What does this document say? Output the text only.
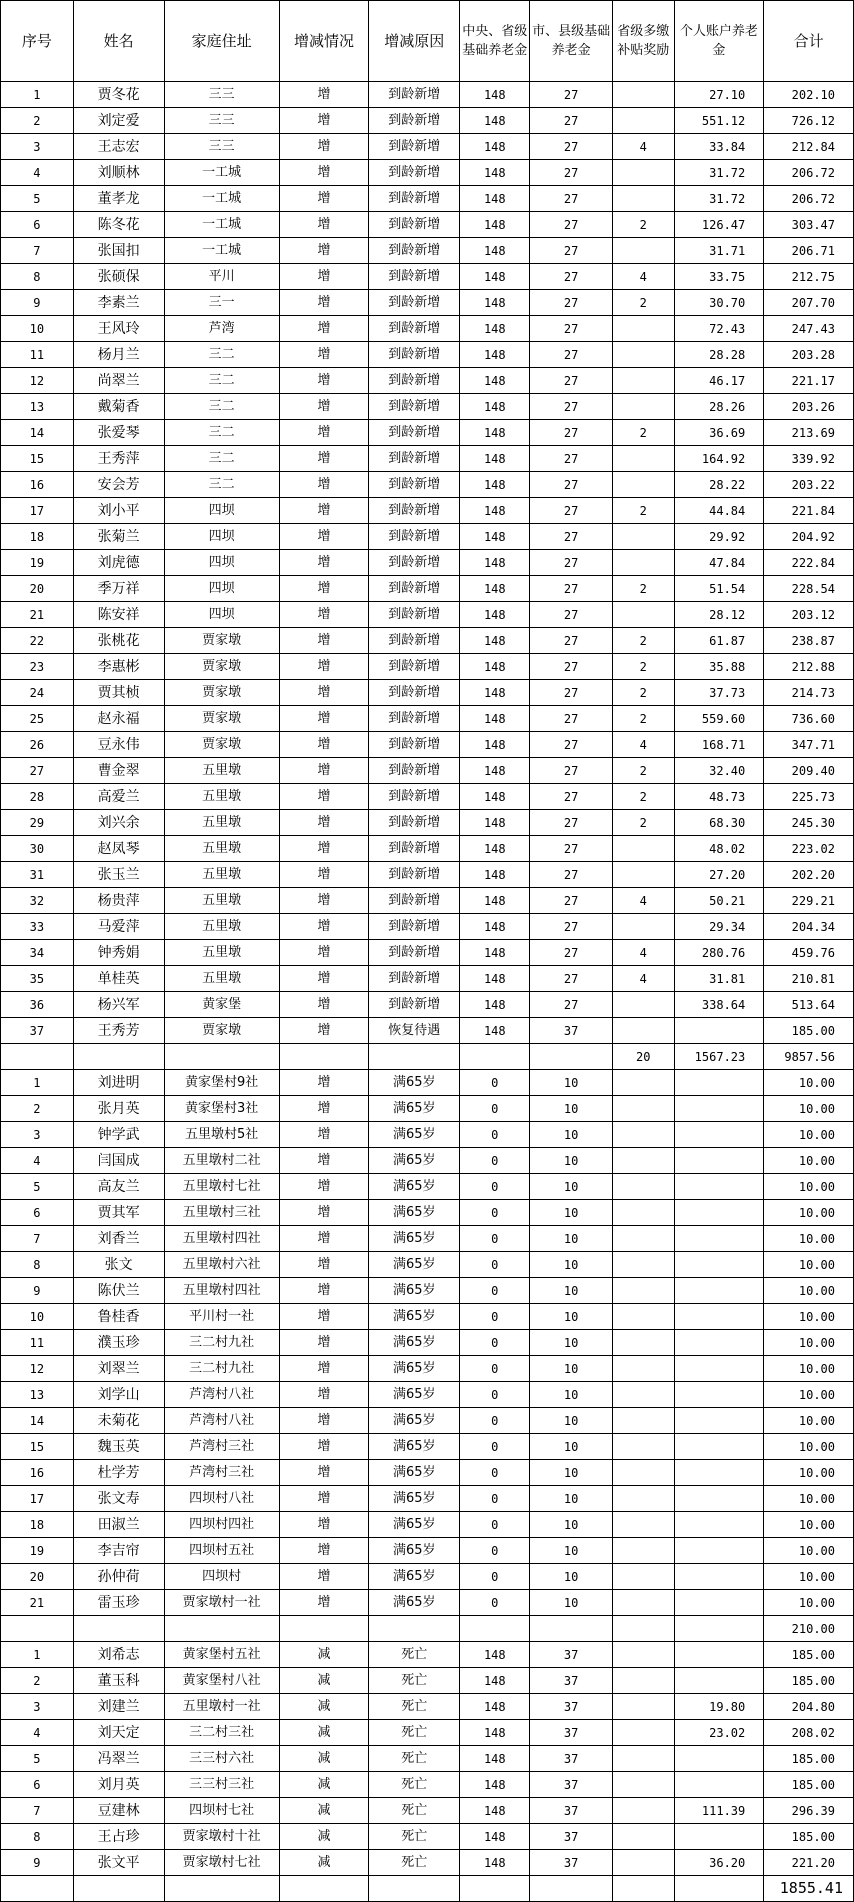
序号	姓名	家庭住址	增减情况	增减原因	中央、省级基础养老金	市、县级基础养老金	省级多缴补贴奖励	个人账户养老金	合计
1	贾冬花	三三	增	到龄新增	148	27		27.10	202.10
2	刘定爱	三三	增	到龄新增	148	27		551.12	726.12
3	王志宏	三三	增	到龄新增	148	27	4	33.84	212.84
4	刘顺林	一工城	增	到龄新增	148	27		31.72	206.72
5	董孝龙	一工城	增	到龄新增	148	27		31.72	206.72
6	陈冬花	一工城	增	到龄新增	148	27	2	126.47	303.47
7	张国扣	一工城	增	到龄新增	148	27		31.71	206.71
8	张硕保	平川	增	到龄新增	148	27	4	33.75	212.75
9	李素兰	三一	增	到龄新增	148	27	2	30.70	207.70
10	王风玲	芦湾	增	到龄新增	148	27		72.43	247.43
11	杨月兰	三二	增	到龄新增	148	27		28.28	203.28
12	尚翠兰	三二	增	到龄新增	148	27		46.17	221.17
13	戴菊香	三二	增	到龄新增	148	27		28.26	203.26
14	张爱琴	三二	增	到龄新增	148	27	2	36.69	213.69
15	王秀萍	三二	增	到龄新增	148	27		164.92	339.92
16	安会芳	三二	增	到龄新增	148	27		28.22	203.22
17	刘小平	四坝	增	到龄新增	148	27	2	44.84	221.84
18	张菊兰	四坝	增	到龄新增	148	27		29.92	204.92
19	刘虎德	四坝	增	到龄新增	148	27		47.84	222.84
20	季万祥	四坝	增	到龄新增	148	27	2	51.54	228.54
21	陈安祥	四坝	增	到龄新增	148	27		28.12	203.12
22	张桃花	贾家墩	增	到龄新增	148	27	2	61.87	238.87
23	李惠彬	贾家墩	增	到龄新增	148	27	2	35.88	212.88
24	贾其桢	贾家墩	增	到龄新增	148	27	2	37.73	214.73
25	赵永福	贾家墩	增	到龄新增	148	27	2	559.60	736.60
26	豆永伟	贾家墩	增	到龄新增	148	27	4	168.71	347.71
27	曹金翠	五里墩	增	到龄新增	148	27	2	32.40	209.40
28	高爱兰	五里墩	增	到龄新增	148	27	2	48.73	225.73
29	刘兴余	五里墩	增	到龄新增	148	27	2	68.30	245.30
30	赵凤琴	五里墩	增	到龄新增	148	27		48.02	223.02
31	张玉兰	五里墩	增	到龄新增	148	27		27.20	202.20
32	杨贵萍	五里墩	增	到龄新增	148	27	4	50.21	229.21
33	马爱萍	五里墩	增	到龄新增	148	27		29.34	204.34
34	钟秀娟	五里墩	增	到龄新增	148	27	4	280.76	459.76
35	单桂英	五里墩	增	到龄新增	148	27	4	31.81	210.81
36	杨兴军	黄家堡	增	到龄新增	148	27		338.64	513.64
37	王秀芳	贾家墩	增	恢复待遇	148	37			185.00
							20	1567.23	9857.56
1	刘进明	黄家堡村9社	增	满65岁	0	10			10.00
2	张月英	黄家堡村3社	增	满65岁	0	10			10.00
3	钟学武	五里墩村5社	增	满65岁	0	10			10.00
4	闫国成	五里墩村二社	增	满65岁	0	10			10.00
5	高友兰	五里墩村七社	增	满65岁	0	10			10.00
6	贾其军	五里墩村三社	增	满65岁	0	10			10.00
7	刘香兰	五里墩村四社	增	满65岁	0	10			10.00
8	张文	五里墩村六社	增	满65岁	0	10			10.00
9	陈伏兰	五里墩村四社	增	满65岁	0	10			10.00
10	鲁桂香	平川村一社	增	满65岁	0	10			10.00
11	濮玉珍	三二村九社	增	满65岁	0	10			10.00
12	刘翠兰	三二村九社	增	满65岁	0	10			10.00
13	刘学山	芦湾村八社	增	满65岁	0	10			10.00
14	未菊花	芦湾村八社	增	满65岁	0	10			10.00
15	魏玉英	芦湾村三社	增	满65岁	0	10			10.00
16	杜学芳	芦湾村三社	增	满65岁	0	10			10.00
17	张文寿	四坝村八社	增	满65岁	0	10			10.00
18	田淑兰	四坝村四社	增	满65岁	0	10			10.00
19	李吉帘	四坝村五社	增	满65岁	0	10			10.00
20	孙仲荷	四坝村	增	满65岁	0	10			10.00
21	雷玉珍	贾家墩村一社	增	满65岁	0	10			10.00
									210.00
1	刘希志	黄家堡村五社	减	死亡	148	37			185.00
2	董玉科	黄家堡村八社	减	死亡	148	37			185.00
3	刘建兰	五里墩村一社	减	死亡	148	37		19.80	204.80
4	刘天定	三二村三社	减	死亡	148	37		23.02	208.02
5	冯翠兰	三三村六社	减	死亡	148	37			185.00
6	刘月英	三三村三社	减	死亡	148	37			185.00
7	豆建林	四坝村七社	减	死亡	148	37		111.39	296.39
8	王占珍	贾家墩村十社	减	死亡	148	37			185.00
9	张文平	贾家墩村七社	减	死亡	148	37		36.20	221.20
									1855.41
